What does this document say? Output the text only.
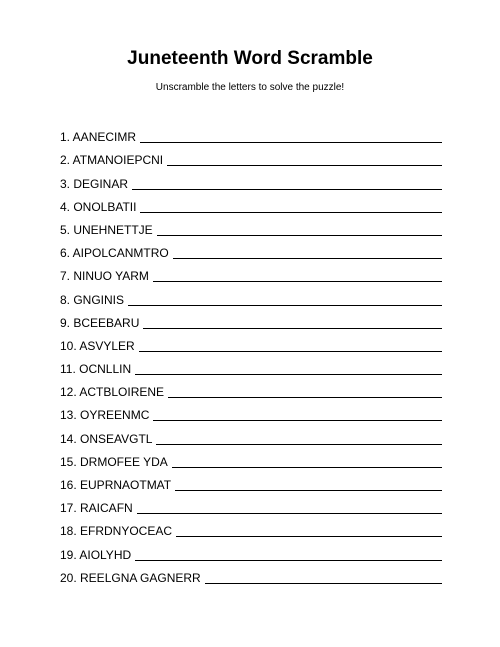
Juneteenth Word Scramble
Unscramble the letters to solve the puzzle!
1. AANECIMR
2. ATMANOIEPCNI
3. DEGINAR
4. ONOLBATII
5. UNEHNETTJE
6. AIPOLCANMTRO
7. NINUO YARM
8. GNGINIS
9. BCEEBARU
10. ASVYLER
11. OCNLLIN
12. ACTBLOIRENE
13. OYREENMC
14. ONSEAVGTL
15. DRMOFEE YDA
16. EUPRNAOTMAT
17. RAICAFN
18. EFRDNYOCEAC
19. AIOLYHD
20. REELGNA GAGNERR
